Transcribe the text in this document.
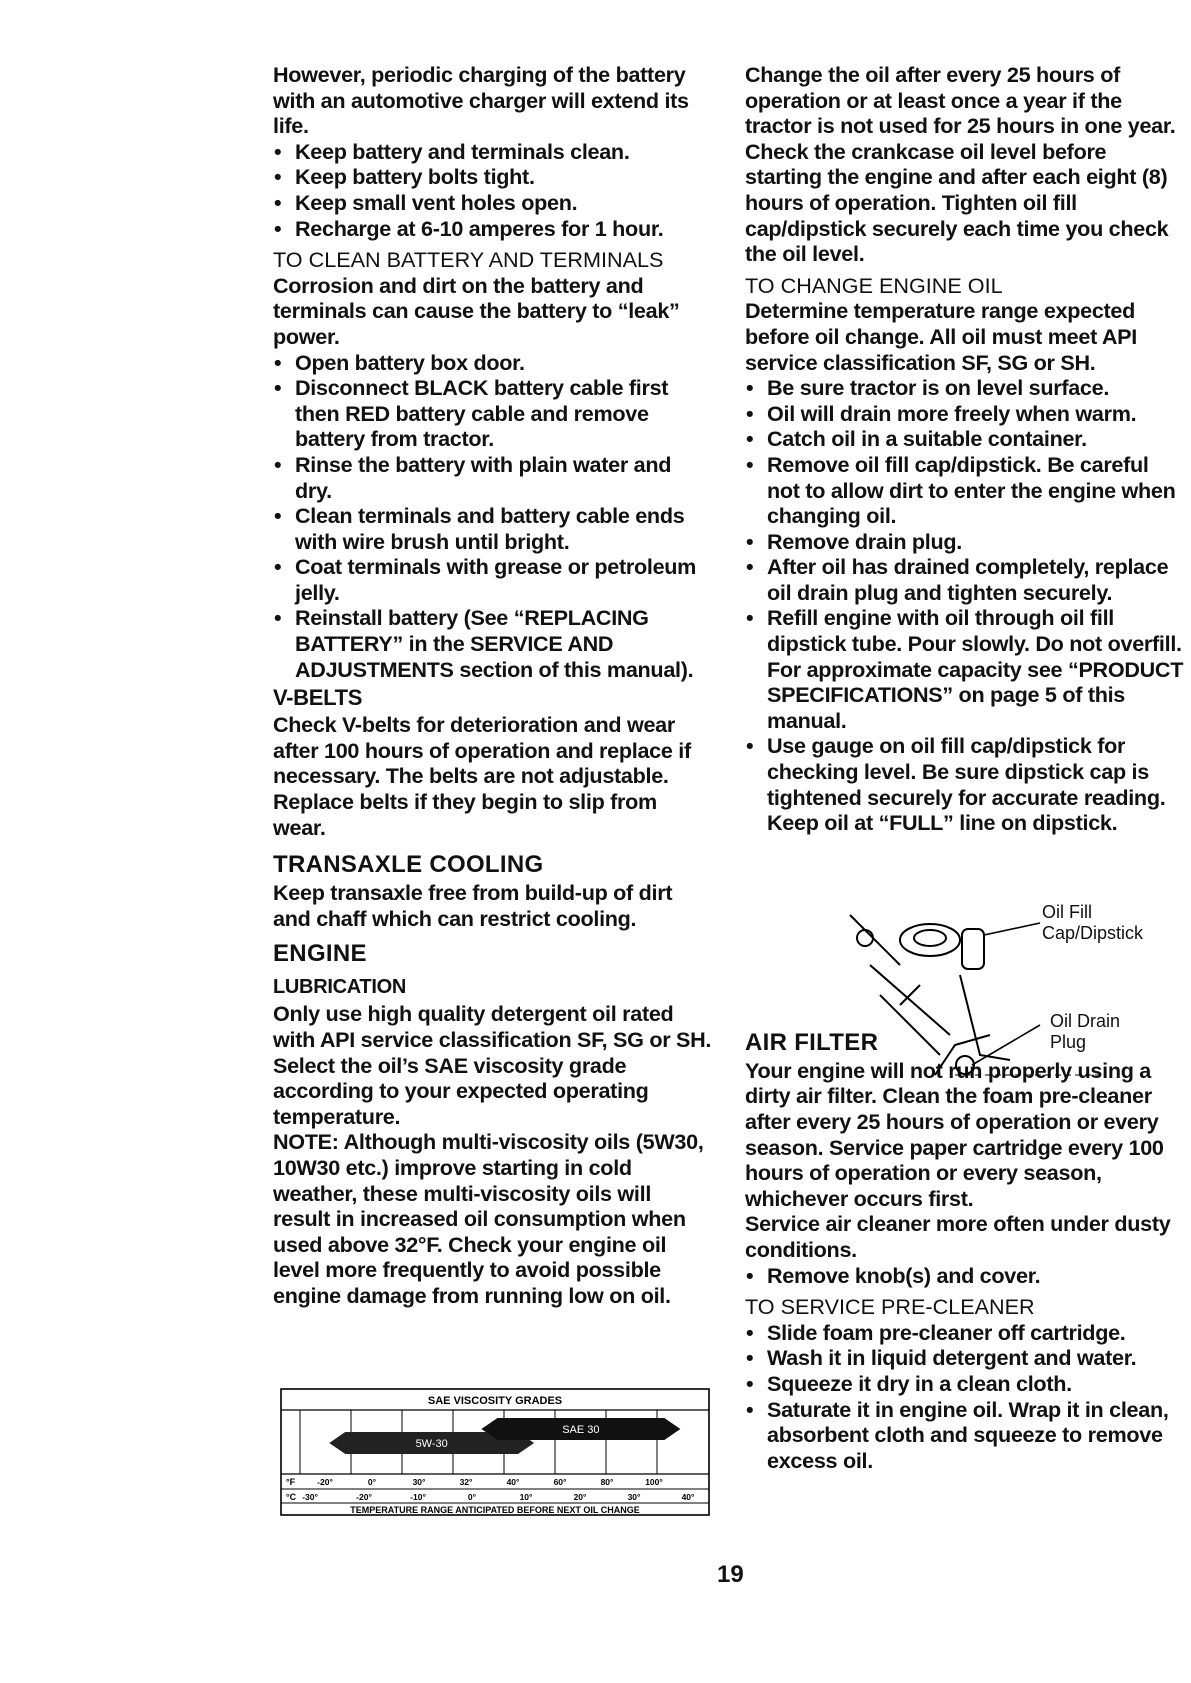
However, periodic charging of the battery with an automotive charger will extend its life.

• Keep battery and terminals clean.
• Keep battery bolts tight.
• Keep small vent holes open.
• Recharge at 6-10 amperes for 1 hour.

TO CLEAN BATTERY AND TERMINALS

Corrosion and dirt on the battery and terminals can cause the battery to “leak” power.

• Open battery box door.
• Disconnect BLACK battery cable first then RED battery cable and remove battery from tractor.
• Rinse the battery with plain water and dry.
• Clean terminals and battery cable ends with wire brush until bright.
• Coat terminals with grease or petroleum jelly.
• Reinstall battery (See “REPLACING BATTERY” in the SERVICE AND ADJUSTMENTS section of this manual).

V-BELTS

Check V-belts for deterioration and wear after 100 hours of operation and replace if necessary. The belts are not adjustable. Replace belts if they begin to slip from wear.

TRANSAXLE COOLING

Keep transaxle free from build-up of dirt and chaff which can restrict cooling.

ENGINE

LUBRICATION

Only use high quality detergent oil rated with API service classification SF, SG or SH. Select the oil’s SAE viscosity grade according to your expected operating temperature.

NOTE: Although multi-viscosity oils (5W30, 10W30 etc.) improve starting in cold weather, these multi-viscosity oils will result in increased oil consumption when used above 32°F. Check your engine oil level more frequently to avoid possible engine damage from running low on oil.

SAE VISCOSITY GRADES
5W-30
SAE 30
°F	-20°	0°	30°	32°	40°	60°	80°	100°
°C -30°	-20°	-10°	0°	10°	20°	30°	40°
TEMPERATURE RANGE ANTICIPATED BEFORE NEXT OIL CHANGE

Change the oil after every 25 hours of operation or at least once a year if the tractor is not used for 25 hours in one year.

Check the crankcase oil level before starting the engine and after each eight (8) hours of operation. Tighten oil fill cap/dipstick securely each time you check the oil level.

TO CHANGE ENGINE OIL

Determine temperature range expected before oil change. All oil must meet API service classification SF, SG or SH.

• Be sure tractor is on level surface.
• Oil will drain more freely when warm.
• Catch oil in a suitable container.
• Remove oil fill cap/dipstick. Be careful not to allow dirt to enter the engine when changing oil.
• Remove drain plug.
• After oil has drained completely, replace oil drain plug and tighten securely.
• Refill engine with oil through oil fill dipstick tube. Pour slowly. Do not overfill. For approximate capacity see “PRODUCT SPECIFICATIONS” on page 5 of this manual.
• Use gauge on oil fill cap/dipstick for checking level. Be sure dipstick cap is tightened securely for accurate reading. Keep oil at “FULL” line on dipstick.

AIR FILTER

Your engine will not run properly using a dirty air filter. Clean the foam pre-cleaner after every 25 hours of operation or every season. Service paper cartridge every 100 hours of operation or every season, whichever occurs first.

Service air cleaner more often under dusty conditions.

• Remove knob(s) and cover.

TO SERVICE PRE-CLEANER

• Slide foam pre-cleaner off cartridge.
• Wash it in liquid detergent and water.
• Squeeze it dry in a clean cloth.
• Saturate it in engine oil. Wrap it in clean, absorbent cloth and squeeze to remove excess oil.
Oil Fill
Cap/Dipstick
Oil Drain
Plug
19
